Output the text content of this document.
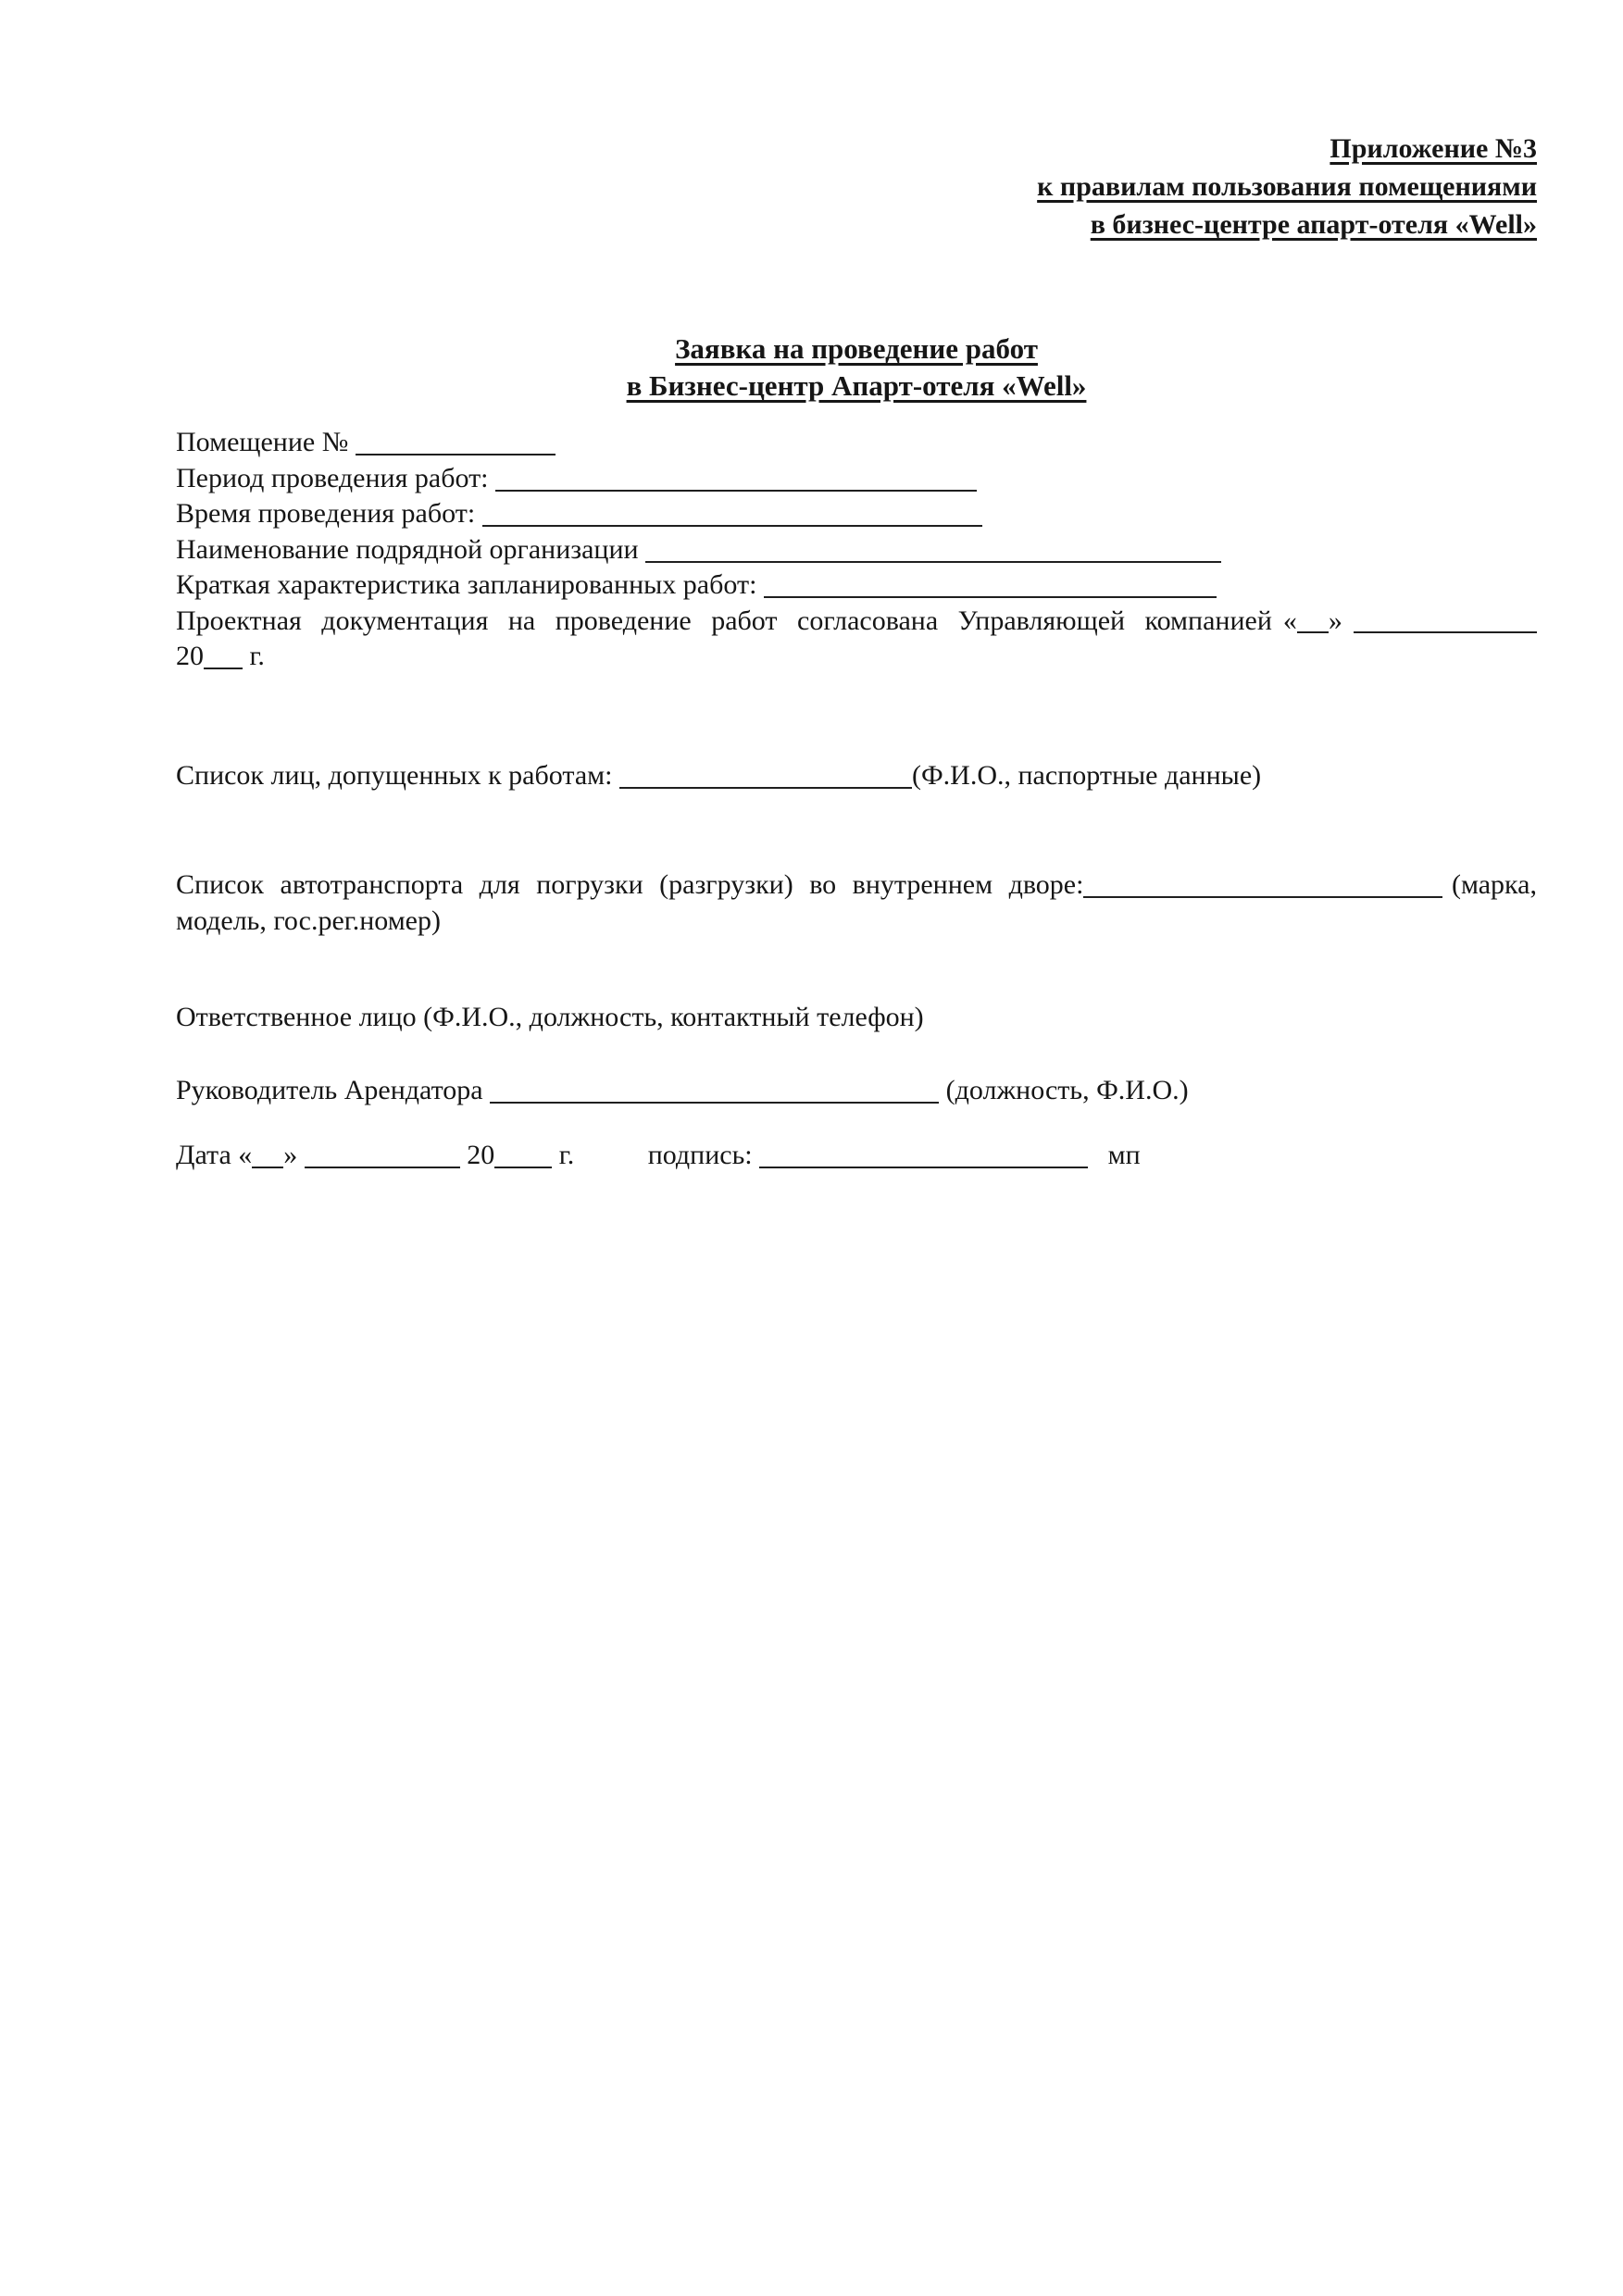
Приложение №3
к правилам пользования помещениями
в бизнес-центре апарт-отеля «Well»
Заявка на проведение работ
в Бизнес-центр Апарт-отеля «Well»
Помещение №
Период проведения работ:
Время проведения работ:
Наименование подрядной организации
Краткая характеристика запланированных работ:
Проектная документация на проведение работ согласована Управляющей компанией « »
20 г.
Список лиц, допущенных к работам:	(Ф.И.О., паспортные данные)
Список автотранспорта для погрузки (разгрузки) во внутреннем дворе:	(марка,
модель, гос.рег.номер)
Ответственное лицо (Ф.И.О., должность, контактный телефон)
Руководитель Арендатора	(должность, Ф.И.О.)
Дата « »	20 г.	подпись:	мп
